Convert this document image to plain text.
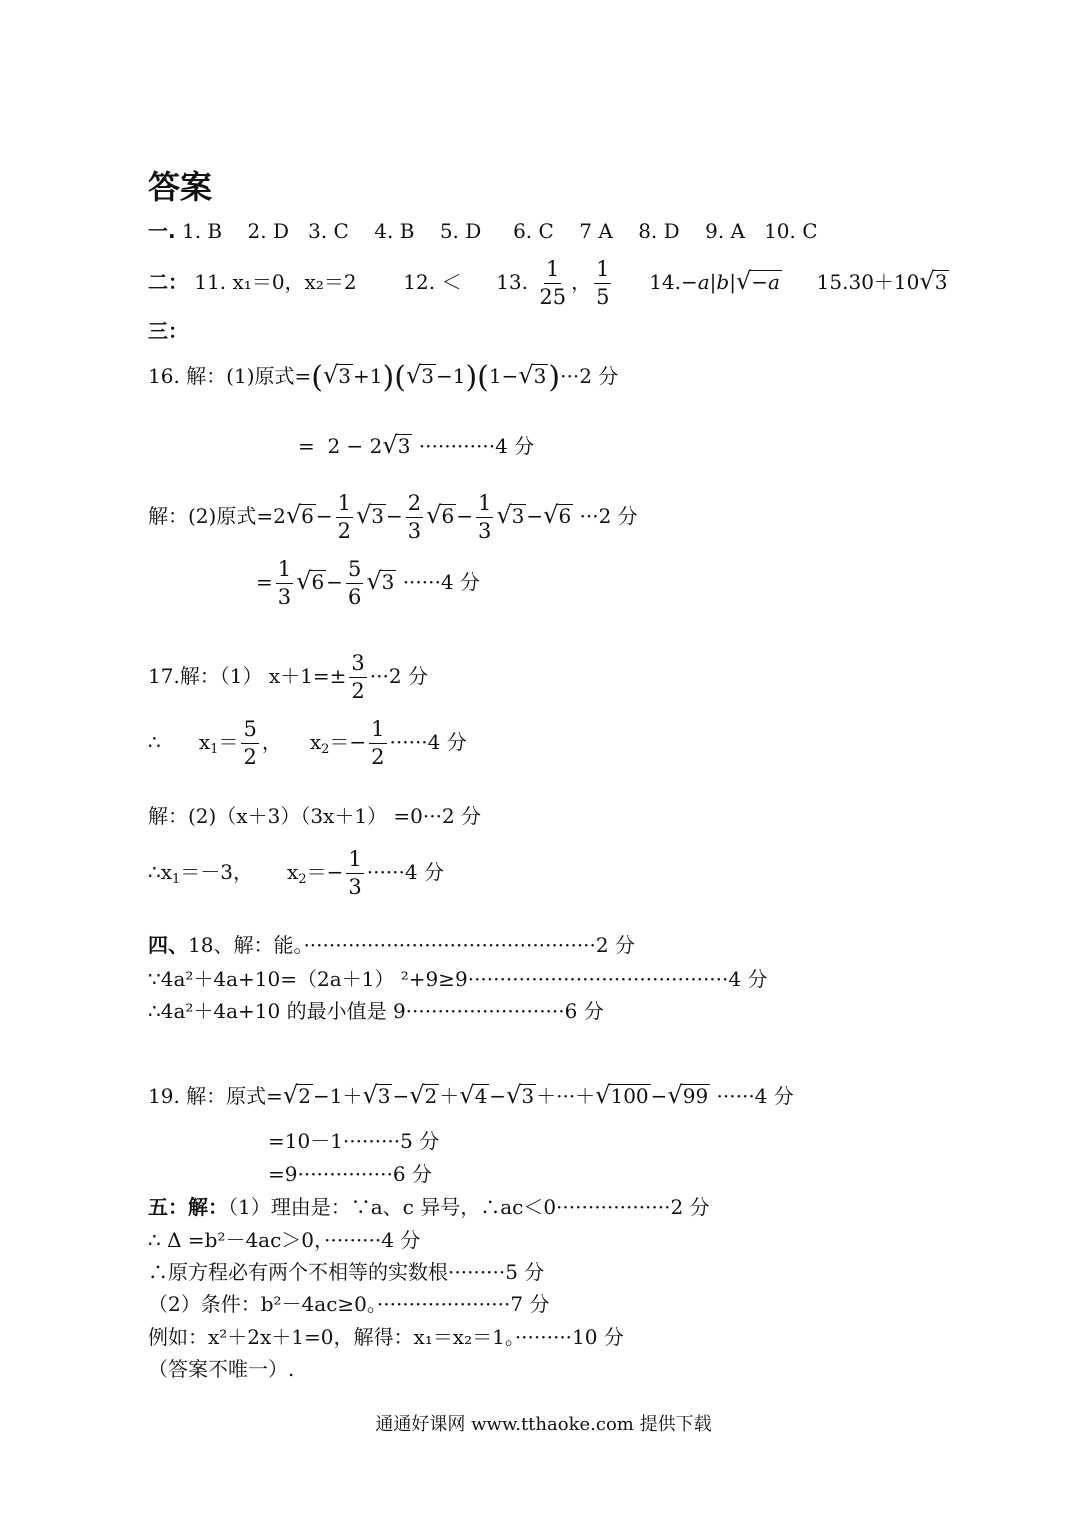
答案
一. 1. B    2. D   3. C    4. B    5. D     6. C    7 A    8. D    9. A   10. C
二： 11. x₁＝0，x₂＝2 12. ＜ 13. $\frac{1}{25}$ ， $\frac{1}{5} 14.-a|b|√-a$ 15.30＋10√3
三：
16. 解：(1)原式=(√3 +1)(√3 −1)(1−√3)···2 分
=  2 − 2√3 ············4 分
解：(2)原式$=2√6 - \frac{1}{2} √3 - \frac{2}{3} √6 - \frac{1}{3} √3 -√6 \cdot\cdot\cdot 2$ 分
= $\frac{1}{3} √6 - \frac{5}{6} √3 \cdot\cdot\cdot\cdot\cdot\cdot 4$ 分
17.解：（1） $x+1=\pm \frac{3}{2} \cdot\cdot\cdot 2$ 分
∴      $x_1= \frac{5}{2}$ ， $x_2=- \frac{1}{2} \cdot\cdot\cdot\cdot\cdot\cdot 4$ 分
解：(2)（x＋3）（3x＋1） =0···2 分
$\therefore x_1=-3$， $x_2=- \frac{1}{3} \cdot\cdot\cdot\cdot\cdot\cdot 4$ 分
四、18、解：能。··············································2 分
∵4a²＋4a+10=（2a＋1） ²+9≥9·········································4 分
∴4a²＋4a+10 的最小值是 9·························6 分
19. 解：原式=√2 −1＋√3 −√2 ＋√4 −√3 ＋···＋√100 −√99 ······4 分
=10－1·········5 分
=9···············6 分
五：解：（1）理由是：∵a、c 异号，∴ac＜0··················2 分
∴ Δ =b²－4ac＞0，·········4 分
∴原方程必有两个不相等的实数根·········5 分
（2）条件：b²－4ac≥0。·····················7 分
例如：x²＋2x＋1=0，解得：x₁＝x₂＝1。·········10 分
（答案不唯一）.
通通好课网 www.tthaoke.com 提供下载
